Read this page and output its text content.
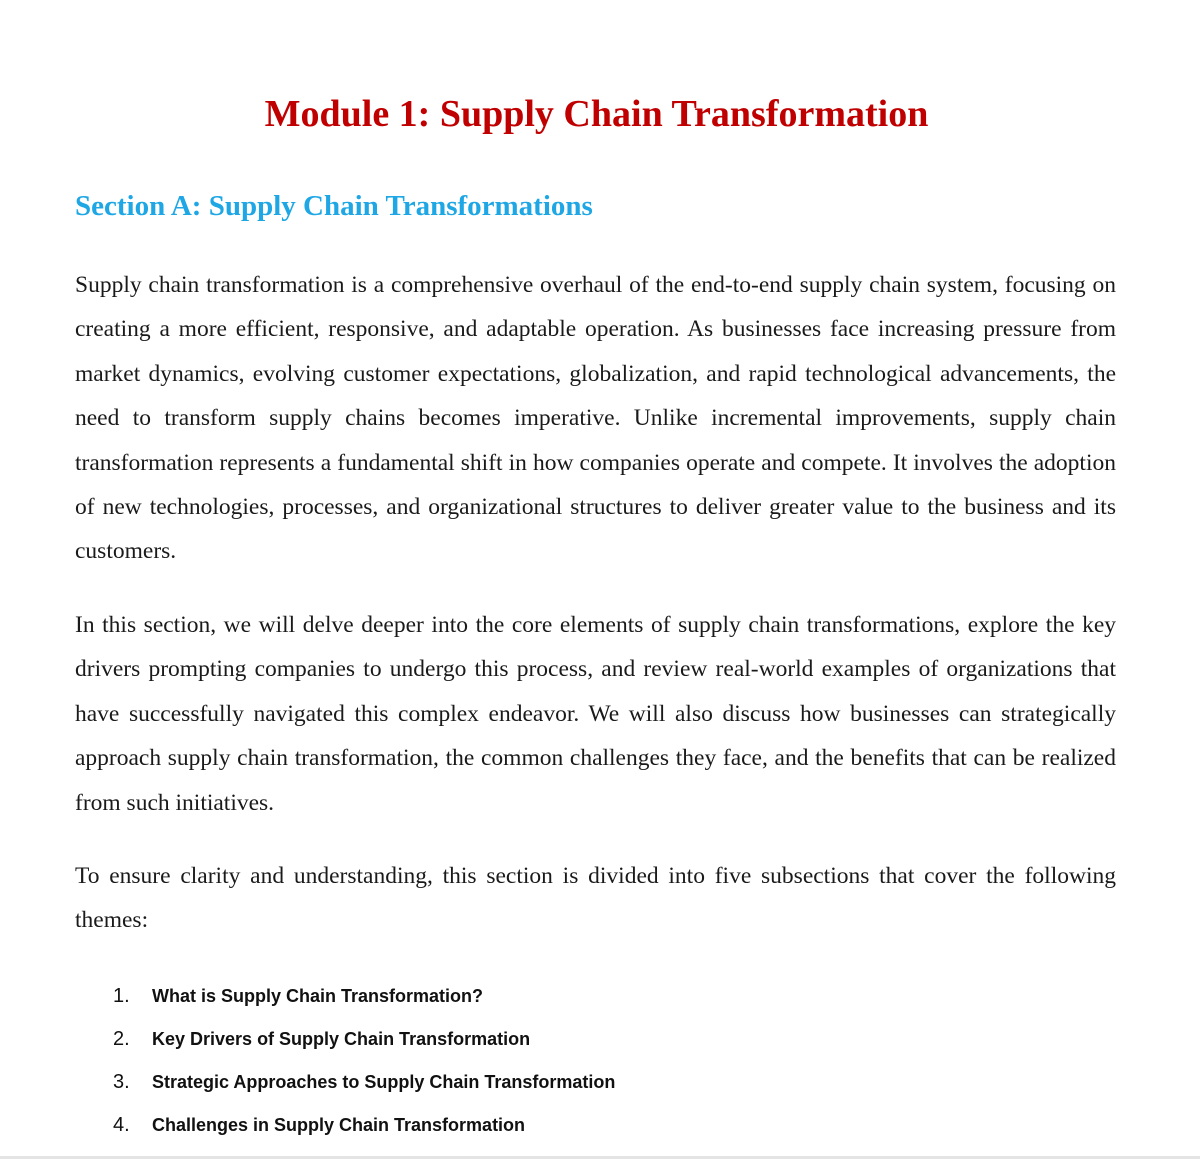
Module 1: Supply Chain Transformation
Section A: Supply Chain Transformations

Supply chain transformation is a comprehensive overhaul of the end-to-end supply chain system, focusing on creating a more efficient, responsive, and adaptable operation. As businesses face increasing pressure from market dynamics, evolving customer expectations, globalization, and rapid technological advancements, the need to transform supply chains becomes imperative. Unlike incremental improvements, supply chain transformation represents a fundamental shift in how companies operate and compete. It involves the adoption of new technologies, processes, and organizational structures to deliver greater value to the business and its customers.

In this section, we will delve deeper into the core elements of supply chain transformations, explore the key drivers prompting companies to undergo this process, and review real-world examples of organizations that have successfully navigated this complex endeavor. We will also discuss how businesses can strategically approach supply chain transformation, the common challenges they face, and the benefits that can be realized from such initiatives.

To ensure clarity and understanding, this section is divided into five subsections that cover the following themes:

1. What is Supply Chain Transformation?
2. Key Drivers of Supply Chain Transformation
3. Strategic Approaches to Supply Chain Transformation
4. Challenges in Supply Chain Transformation
